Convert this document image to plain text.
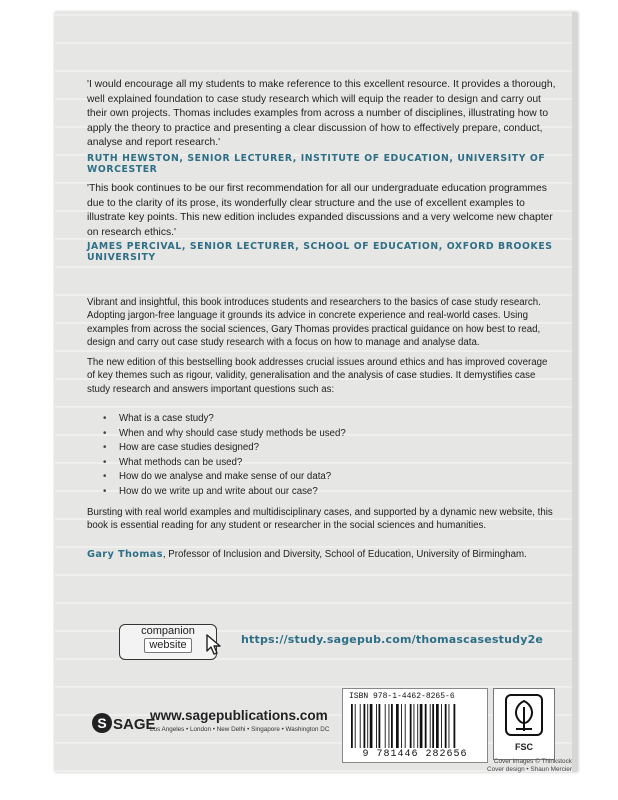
'I would encourage all my students to make reference to this excellent resource. It provides a thorough, well explained foundation to case study research which will equip the reader to design and carry out their own projects. Thomas includes examples from across a number of disciplines, illustrating how to apply the theory to practice and presenting a clear discussion of how to effectively prepare, conduct, analyse and report research.'
RUTH HEWSTON, SENIOR LECTURER, INSTITUTE OF EDUCATION, UNIVERSITY OF WORCESTER
'This book continues to be our first recommendation for all our undergraduate education programmes due to the clarity of its prose, its wonderfully clear structure and the use of excellent examples to illustrate key points. This new edition includes expanded discussions and a very welcome new chapter on research ethics.'
JAMES PERCIVAL, SENIOR LECTURER, SCHOOL OF EDUCATION, OXFORD BROOKES UNIVERSITY
Vibrant and insightful, this book introduces students and researchers to the basics of case study research. Adopting jargon-free language it grounds its advice in concrete experience and real-world cases. Using examples from across the social sciences, Gary Thomas provides practical guidance on how best to read, design and carry out case study research with a focus on how to manage and analyse data.
The new edition of this bestselling book addresses crucial issues around ethics and has improved coverage of key themes such as rigour, validity, generalisation and the analysis of case studies. It demystifies case study research and answers important questions such as:
• What is a case study?
• When and why should case study methods be used?
• How are case studies designed?
• What methods can be used?
• How do we analyse and make sense of our data?
• How do we write up and write about our case?
Bursting with real world examples and multidisciplinary cases, and supported by a dynamic new website, this book is essential reading for any student or researcher in the social sciences and humanities.
Gary Thomas, Professor of Inclusion and Diversity, School of Education, University of Birmingham.
companion
website	https://study.sagepub.com/thomascasestudy2e
S SAGE
www.sagepublications.com
Los Angeles • London • New Delhi • Singapore • Washington DC
ISBN 978-1-4462-8265-6
9 781446 282656
FSC
Cover images © Thinkstock
Cover design • Shaun Mercier
